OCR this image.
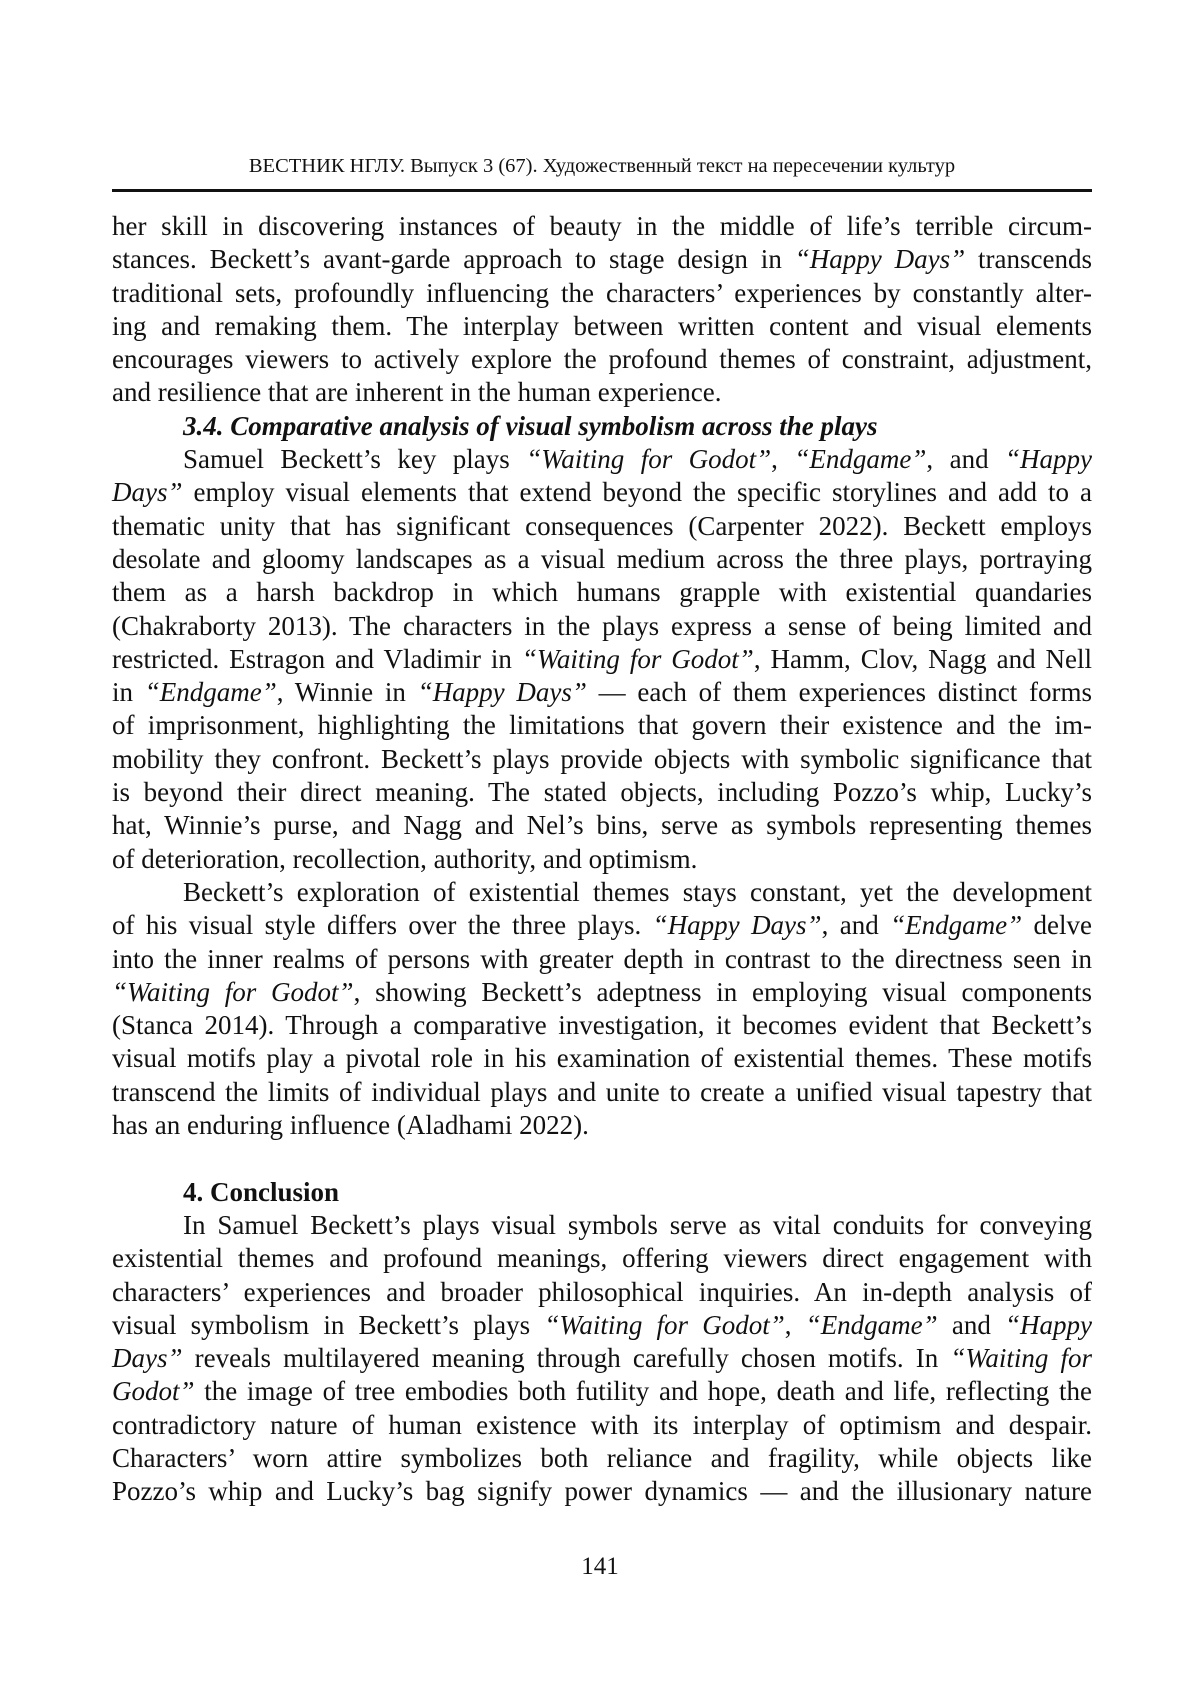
ВЕСТНИК НГЛУ. Выпуск 3 (67). Художественный текст на пересечении культур
her skill in discovering instances of beauty in the middle of life’s terrible circum-
stances. Beckett’s avant-garde approach to stage design in “Happy Days” transcends
traditional sets, profoundly influencing the characters’ experiences by constantly alter-
ing and remaking them. The interplay between written content and visual elements
encourages viewers to actively explore the profound themes of constraint, adjustment,
and resilience that are inherent in the human experience.
3.4. Comparative analysis of visual symbolism across the plays
Samuel Beckett’s key plays “Waiting for Godot”, “Endgame”, and “Happy
Days” employ visual elements that extend beyond the specific storylines and add to a
thematic unity that has significant consequences (Carpenter 2022). Beckett employs
desolate and gloomy landscapes as a visual medium across the three plays, portraying
them as a harsh backdrop in which humans grapple with existential quandaries
(Chakraborty 2013). The characters in the plays express a sense of being limited and
restricted. Estragon and Vladimir in “Waiting for Godot”, Hamm, Clov, Nagg and Nell
in “Endgame”, Winnie in “Happy Days” — each of them experiences distinct forms
of imprisonment, highlighting the limitations that govern their existence and the im-
mobility they confront. Beckett’s plays provide objects with symbolic significance that
is beyond their direct meaning. The stated objects, including Pozzo’s whip, Lucky’s
hat, Winnie’s purse, and Nagg and Nel’s bins, serve as symbols representing themes
of deterioration, recollection, authority, and optimism.
Beckett’s exploration of existential themes stays constant, yet the development
of his visual style differs over the three plays. “Happy Days”, and “Endgame” delve
into the inner realms of persons with greater depth in contrast to the directness seen in
“Waiting for Godot”, showing Beckett’s adeptness in employing visual components
(Stanca 2014). Through a comparative investigation, it becomes evident that Beckett’s
visual motifs play a pivotal role in his examination of existential themes. These motifs
transcend the limits of individual plays and unite to create a unified visual tapestry that
has an enduring influence (Aladhami 2022).
4. Conclusion
In Samuel Beckett’s plays visual symbols serve as vital conduits for conveying
existential themes and profound meanings, offering viewers direct engagement with
characters’ experiences and broader philosophical inquiries. An in-depth analysis of
visual symbolism in Beckett’s plays “Waiting for Godot”, “Endgame” and “Happy
Days” reveals multilayered meaning through carefully chosen motifs. In “Waiting for
Godot” the image of tree embodies both futility and hope, death and life, reflecting the
contradictory nature of human existence with its interplay of optimism and despair.
Characters’ worn attire symbolizes both reliance and fragility, while objects like
Pozzo’s whip and Lucky’s bag signify power dynamics — and the illusionary nature
141
